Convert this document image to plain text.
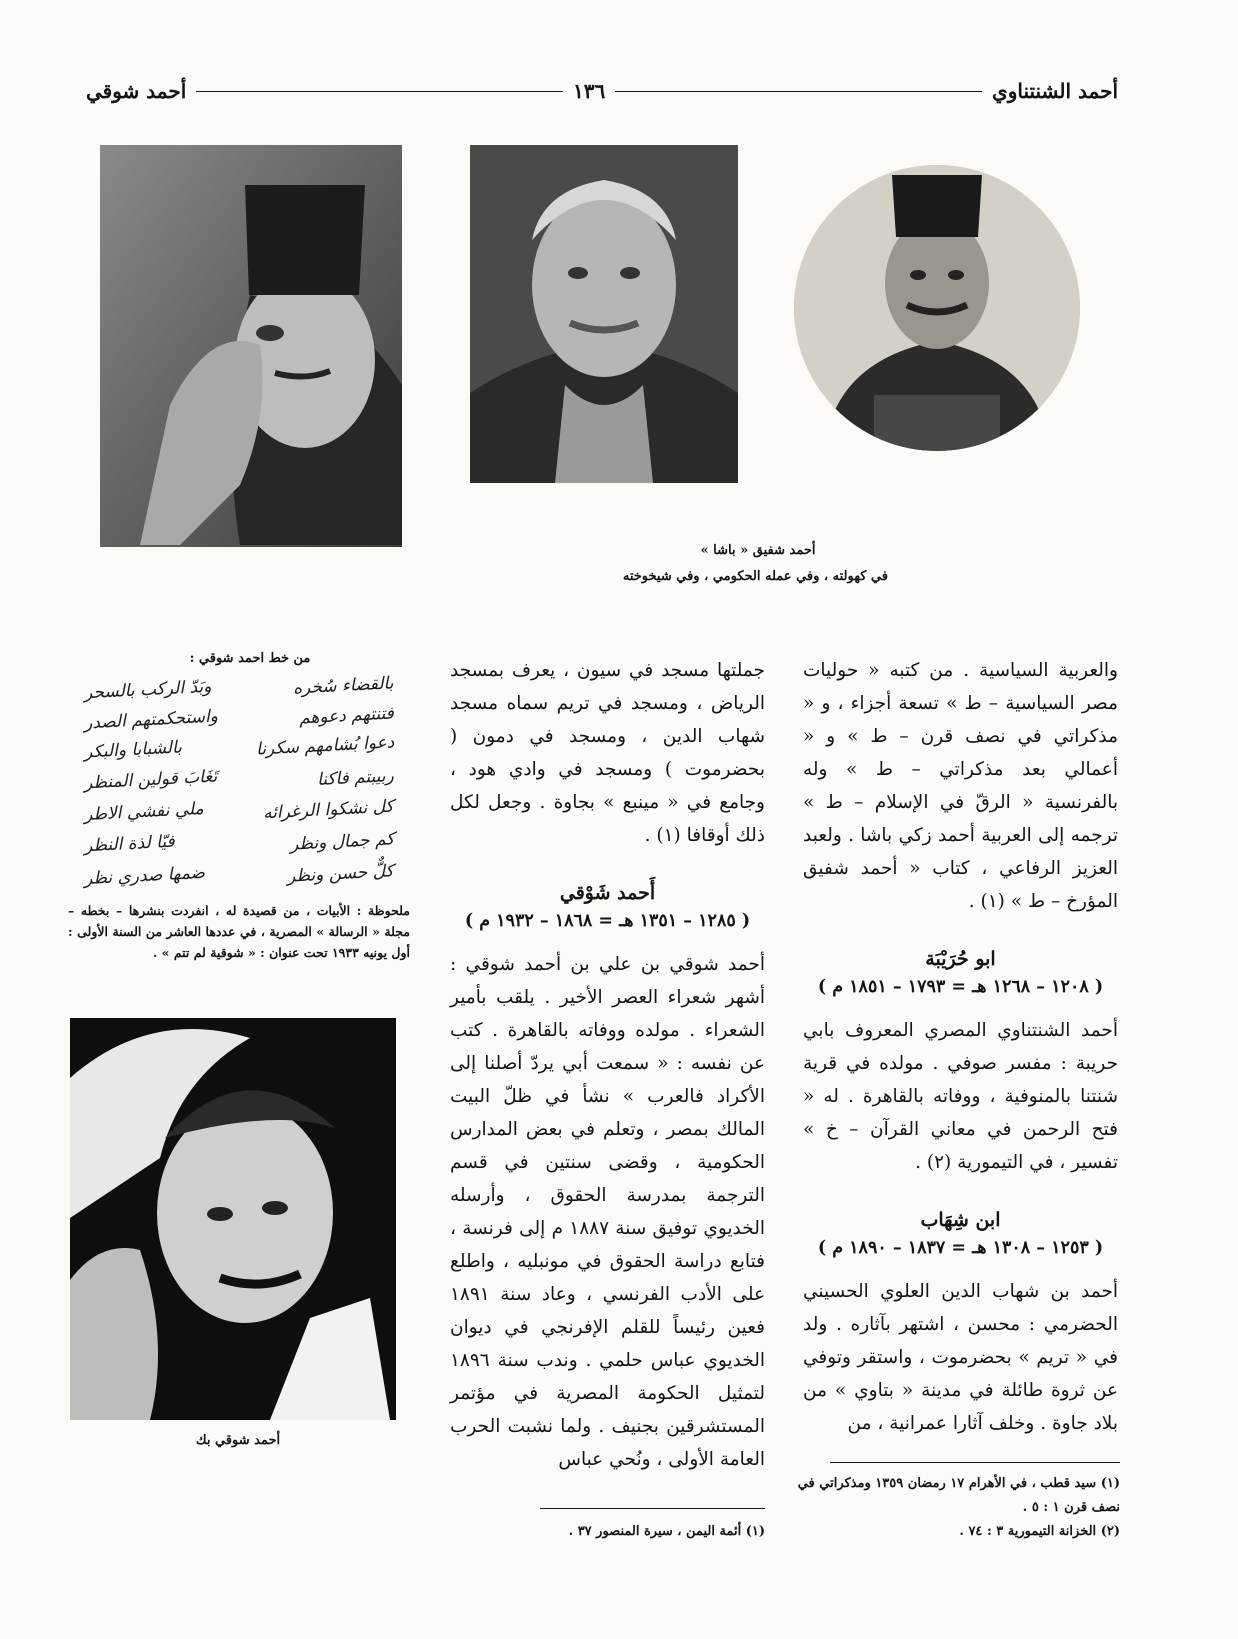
أحمد الشنتناوي
١٣٦
أحمد شوقي
أحمد شفيق « باشا »
في كهولته ، وفي عمله الحكومي ، وفي شيخوخته
من خط احمد شوقي :
بالقضاء سُخره
وبَدّ الركب بالسحر
فتنتهم دعوهم
واستحكمتهم الصدر
دعوا بُشامهم سكرنا
بالشبابا والبكر
ربيبتم فاكنا
تَغَابَ قولين المنظر
كل نشكوا الرغرائه
ملي نفشي الاطر
كم جمال ونظر
فيّا لذة النظر
كلٌّ حسن ونظر
ضمها صدري نظر
ملحوظة : الأبيات ، من قصيدة له ، انفردت بنشرها – بخطه – مجلة « الرسالة » المصرية ، في عددها العاشر من السنة الأولى : أول يونيه ١٩٣٣ تحت عنوان : « شوقية لم تتم » .
أحمد شوقي بك

والعربية السياسية . من كتبه « حوليات مصر السياسية – ط » تسعة أجزاء ، و « مذكراتي في نصف قرن – ط » و « أعمالي بعد مذكراتي – ط » وله بالفرنسية « الرقّ في الإسلام – ط » ترجمه إلى العربية أحمد زكي باشا . ولعبد العزيز الرفاعي ، كتاب « أحمد شفيق المؤرخ – ط » (١) .

ابو حُرَيْبَة
( ١٢٠٨ – ١٢٦٨ هـ = ١٧٩٣ – ١٨٥١ م )

أحمد الشنتناوي المصري المعروف بابي حريبة : مفسر صوفي . مولده في قرية شنتنا بالمنوفية ، ووفاته بالقاهرة . له « فتح الرحمن في معاني القرآن – خ » تفسير ، في التيمورية (٢) .

ابن شِهَاب
( ١٢٥٣ – ١٣٠٨ هـ = ١٨٣٧ – ١٨٩٠ م )

أحمد بن شهاب الدين العلوي الحسيني الحضرمي : محسن ، اشتهر بآثاره . ولد في « تريم » بحضرموت ، واستقر وتوفي عن ثروة طائلة في مدينة « بتاوي » من بلاد جاوة . وخلف آثارا عمرانية ، من

(١) سيد قطب ، في الأهرام ١٧ رمضان ١٣٥٩ ومذكراتي في نصف قرن ١ : ٥ .
(٢) الخزانة التيمورية ٣ : ٧٤ .

جملتها مسجد في سيون ، يعرف بمسجد الرياض ، ومسجد في تريم سماه مسجد شهاب الدين ، ومسجد في دمون ( بحضرموت ) ومسجد في وادي هود ، وجامع في « مينبع » بجاوة . وجعل لكل ذلك أوقافا (١) .

أَحمد شَوْقي
( ١٢٨٥ – ١٣٥١ هـ = ١٨٦٨ – ١٩٣٢ م )

أحمد شوقي بن علي بن أحمد شوقي : أشهر شعراء العصر الأخير . يلقب بأمير الشعراء . مولده ووفاته بالقاهرة . كتب عن نفسه : « سمعت أبي يردّ أصلنا إلى الأكراد فالعرب » نشأ في ظلّ البيت المالك بمصر ، وتعلم في بعض المدارس الحكومية ، وقضى سنتين في قسم الترجمة بمدرسة الحقوق ، وأرسله الخديوي توفيق سنة ١٨٨٧ م إلى فرنسة ، فتابع دراسة الحقوق في مونبليه ، واطلع على الأدب الفرنسي ، وعاد سنة ١٨٩١ فعين رئيساً للقلم الإفرنجي في ديوان الخديوي عباس حلمي . وندب سنة ١٨٩٦ لتمثيل الحكومة المصرية في مؤتمر المستشرقين بجنيف . ولما نشبت الحرب العامة الأولى ، ونُحي عباس

(١) أئمة اليمن ، سيرة المنصور ٣٧ .
